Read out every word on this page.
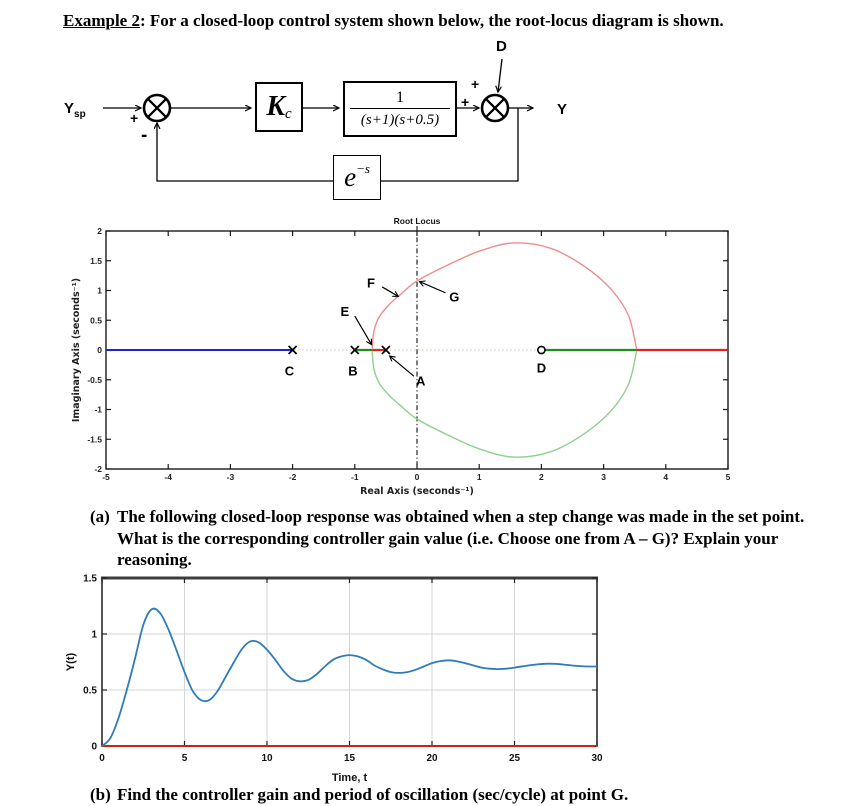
Example 2: For a closed-loop control system shown below, the root-locus diagram is shown.
$Y_{sp}$	+
-
D
+
+	Y
K c	$\frac{1}{(s+1)(s+0.5)}$
e −s
-5	-4	-3	-2	-1	0	1	2	3	4	5
-2
-1.5
-1
-0.5
0
0.5
1
1.5
2
A
B
C	D
E
F
G
Root Locus
Real Axis (seconds⁻¹)
Imaginary Axis (seconds⁻¹)
(a) The following closed-loop response was obtained when a step change was made in the set point.
What is the corresponding controller gain value (i.e. Choose one from A – G)? Explain your
reasoning.
0	5	10	15	20	25	30
0
0.5
1
1.5
Time, t
Y(t)
(b) Find the controller gain and period of oscillation (sec/cycle) at point G.
